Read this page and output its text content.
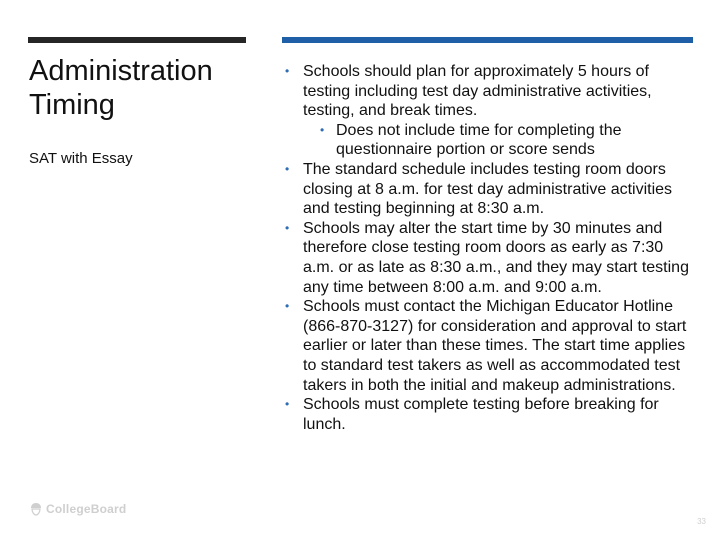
Administration Timing
SAT with Essay

• Schools should plan for approximately 5 hours of testing including test day administrative activities, testing, and break times.

• Does not include time for completing the questionnaire portion or score sends

• The standard schedule includes testing room doors closing at 8 a.m. for test day administrative activities and testing beginning at 8:30 a.m.

• Schools may alter the start time by 30 minutes and therefore close testing room doors as early as 7:30 a.m. or as late as 8:30 a.m., and they may start testing any time between 8:00 a.m. and 9:00 a.m.

• Schools must contact the Michigan Educator Hotline (866-870-3127) for consideration and approval to start earlier or later than these times. The start time applies to standard test takers as well as accommodated test takers in both the initial and makeup administrations.

• Schools must complete testing before breaking for lunch.

CollegeBoard
33
